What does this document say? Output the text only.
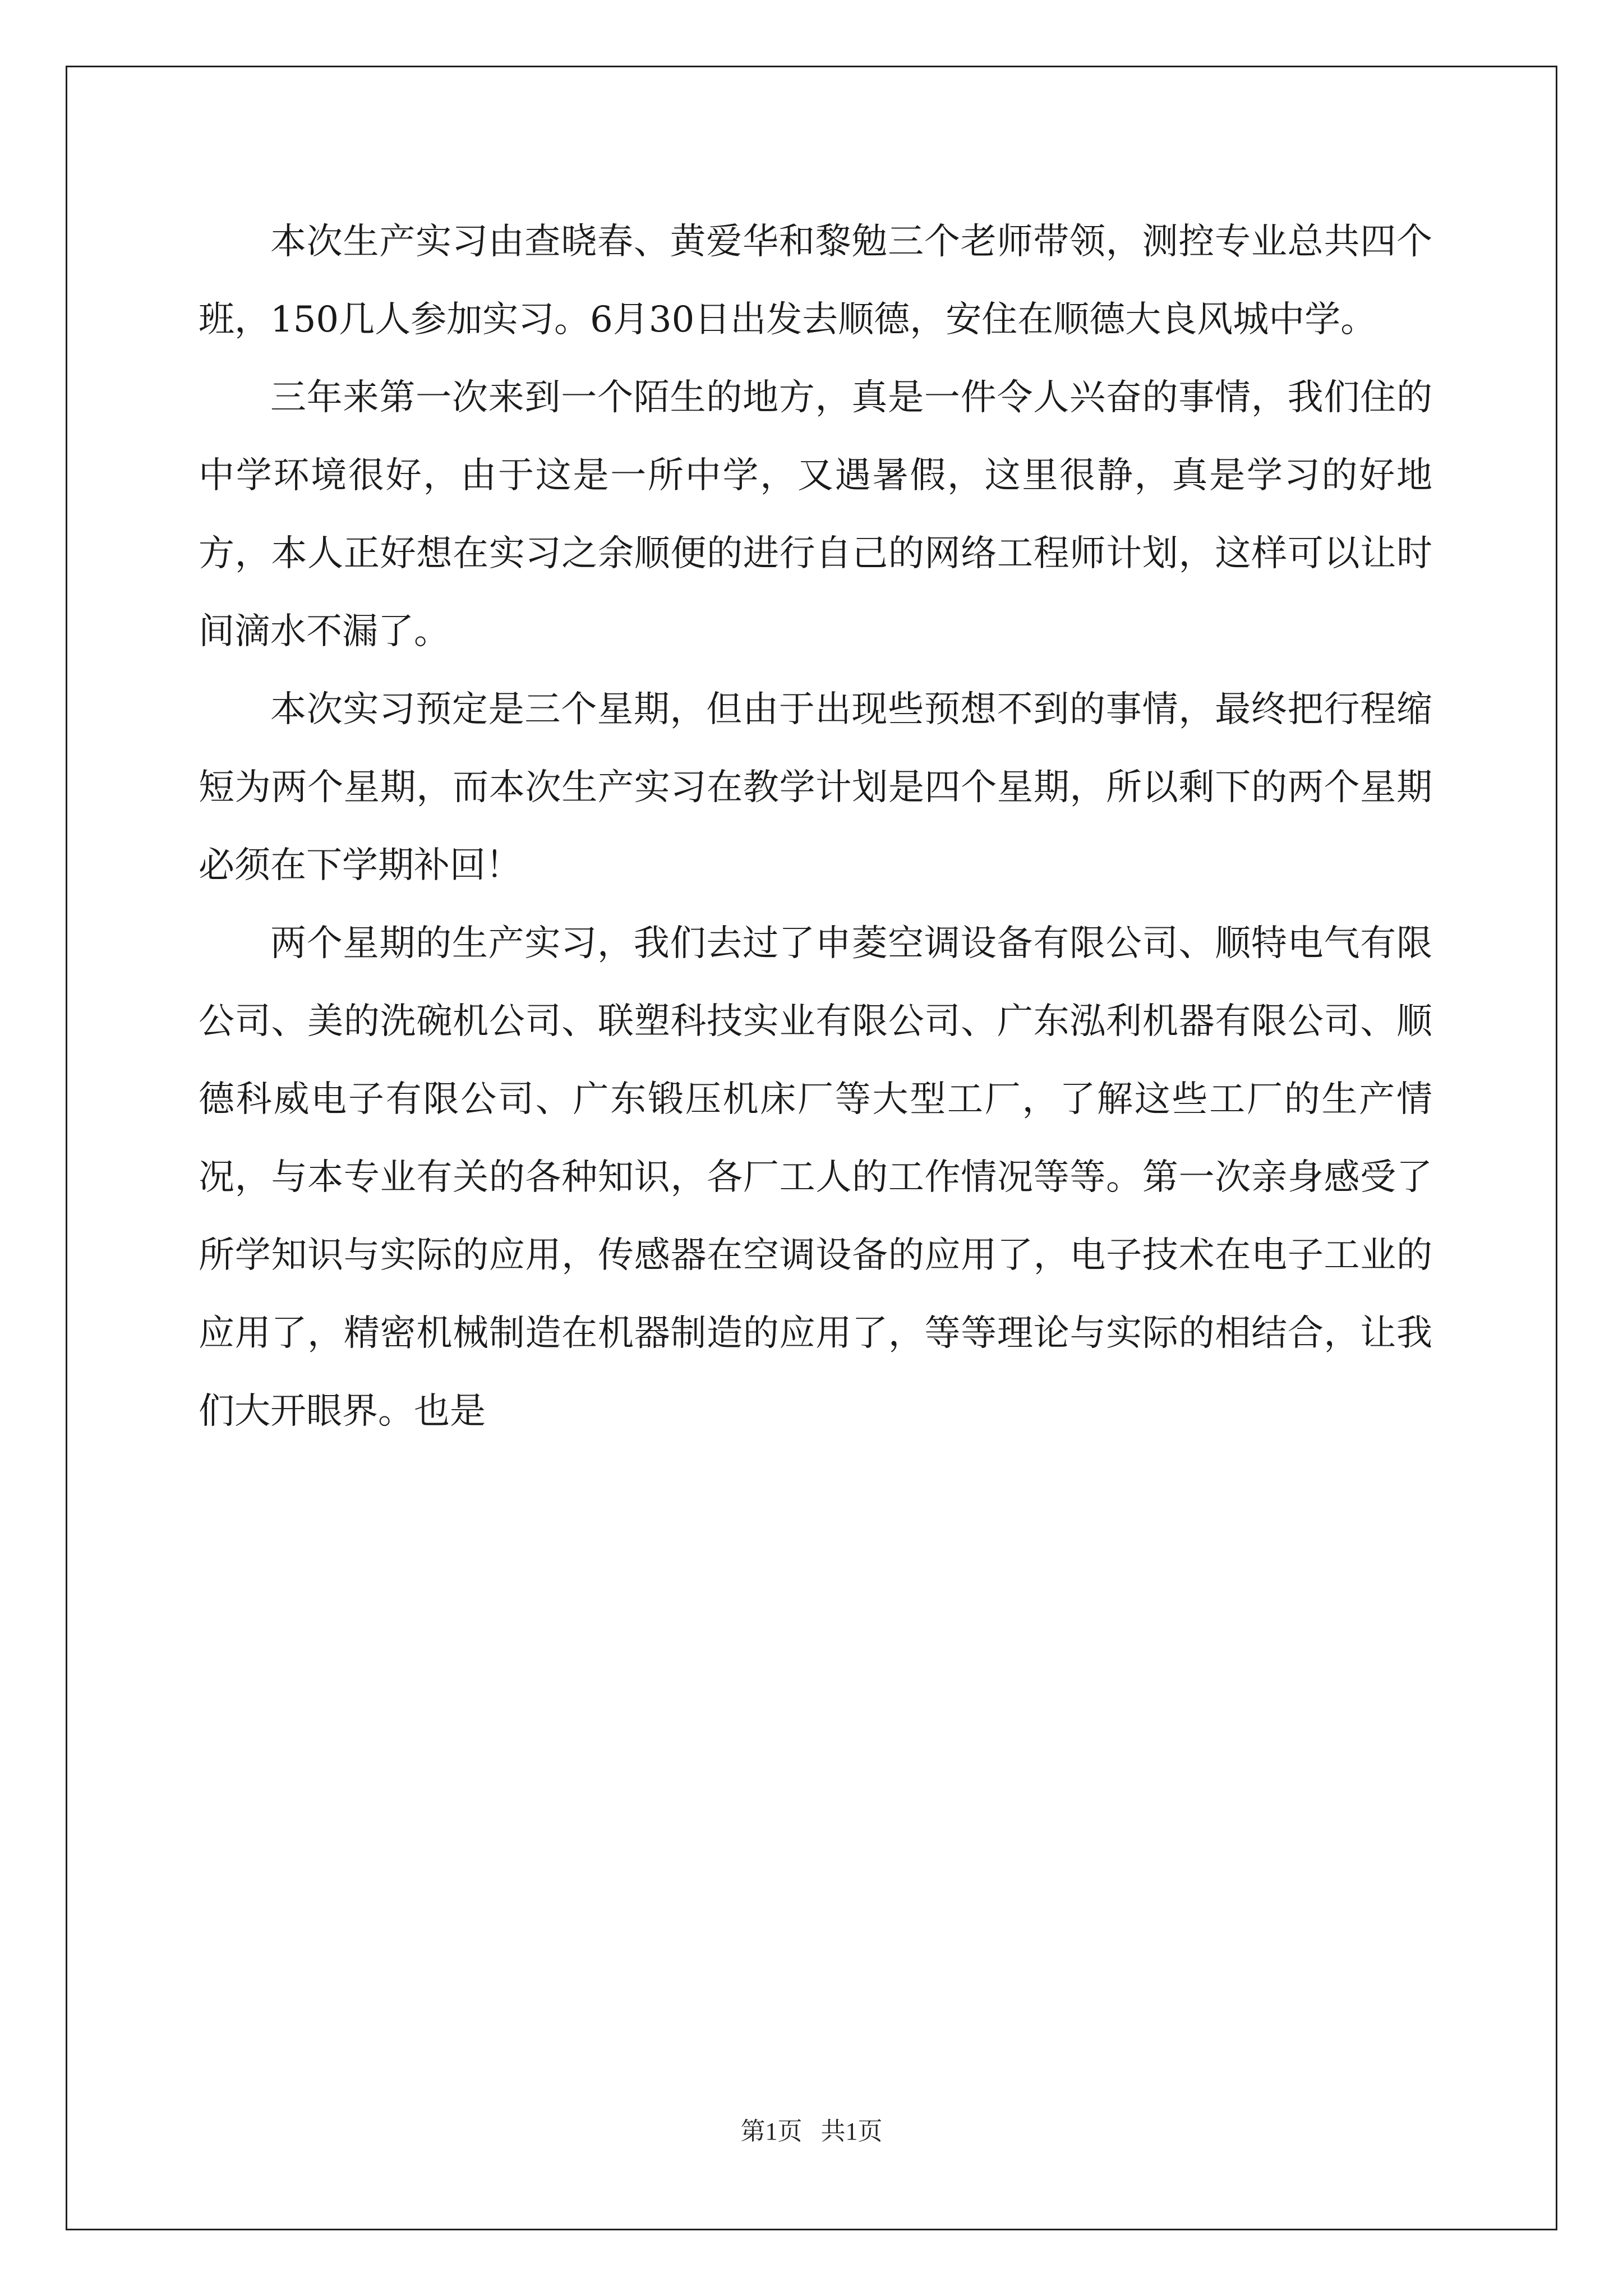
本次生产实习由查晓春、黄爱华和黎勉三个老师带领，测控专业总共四个班，150几人参加实习。6月30日出发去顺德，安住在顺德大良风城中学。

三年来第一次来到一个陌生的地方，真是一件令人兴奋的事情，我们住的中学环境很好，由于这是一所中学，又遇暑假，这里很静，真是学习的好地方，本人正好想在实习之余顺便的进行自己的网络工程师计划，这样可以让时间滴水不漏了。

本次实习预定是三个星期，但由于出现些预想不到的事情，最终把行程缩短为两个星期，而本次生产实习在教学计划是四个星期，所以剩下的两个星期必须在下学期补回！

两个星期的生产实习，我们去过了申菱空调设备有限公司、顺特电气有限公司、美的洗碗机公司、联塑科技实业有限公司、广东泓利机器有限公司、顺德科威电子有限公司、广东锻压机床厂等大型工厂，了解这些工厂的生产情况，与本专业有关的各种知识，各厂工人的工作情况等等。第一次亲身感受了所学知识与实际的应用，传感器在空调设备的应用了，电子技术在电子工业的应用了，精密机械制造在机器制造的应用了，等等理论与实际的相结合，让我们大开眼界。也是

第1页   共1页
